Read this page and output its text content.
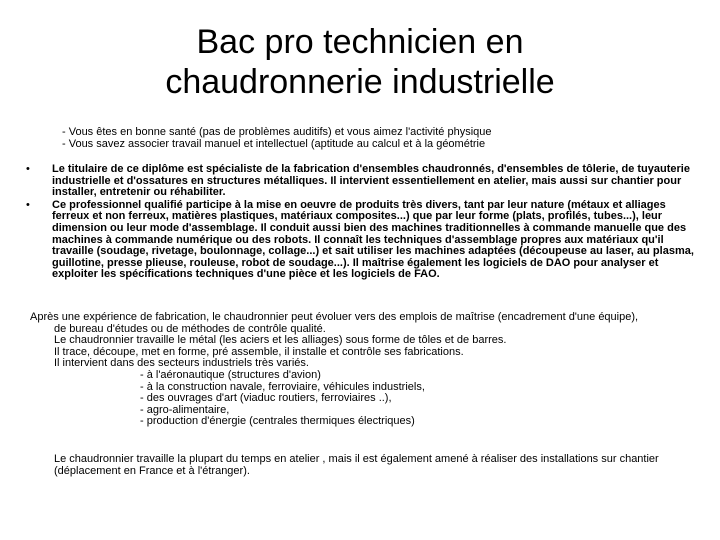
Bac pro technicien en
chaudronnerie industrielle
- Vous êtes en bonne santé (pas de problèmes auditifs) et vous aimez l'activité physique
- Vous savez associer travail manuel et intellectuel (aptitude au calcul et à la géométrie
• Le titulaire de ce diplôme est spécialiste de la fabrication d'ensembles chaudronnés, d'ensembles de tôlerie, de tuyauterie industrielle et d'ossatures en structures métalliques. Il intervient essentiellement en atelier, mais aussi sur chantier pour installer, entretenir ou réhabiliter.
• Ce professionnel qualifié participe à la mise en oeuvre de produits très divers, tant par leur nature (métaux et alliages ferreux et non ferreux, matières plastiques, matériaux composites...) que par leur forme (plats, profilés, tubes...), leur dimension ou leur mode d'assemblage. Il conduit aussi bien des machines traditionnelles à commande manuelle que des machines à commande numérique ou des robots. Il connaît les techniques d'assemblage propres aux matériaux qu'il travaille (soudage, rivetage, boulonnage, collage...) et sait utiliser les machines adaptées (découpeuse au laser, au plasma, guillotine, presse plieuse, rouleuse, robot de soudage...). Il maîtrise également les logiciels de DAO pour analyser et exploiter les spécifications techniques d'une pièce et les logiciels de FAO.
Après une expérience de fabrication, le chaudronnier peut évoluer vers des emplois de maîtrise (encadrement d'une équipe),
de bureau d'études ou de méthodes de contrôle qualité.
Le chaudronnier travaille le métal (les aciers et les alliages) sous forme de tôles et de barres.
Il trace, découpe, met en forme, pré assemble, il installe et contrôle ses fabrications.
Il intervient dans des secteurs industriels très variés.
- à l'aéronautique (structures d'avion)
- à la construction navale, ferroviaire, véhicules industriels,
- des ouvrages d'art (viaduc routiers, ferroviaires ..),
- agro-alimentaire,
- production d'énergie (centrales thermiques électriques)
Le chaudronnier travaille la plupart du temps en atelier , mais il est également amené à réaliser des installations sur chantier (déplacement en France et à l'étranger).
